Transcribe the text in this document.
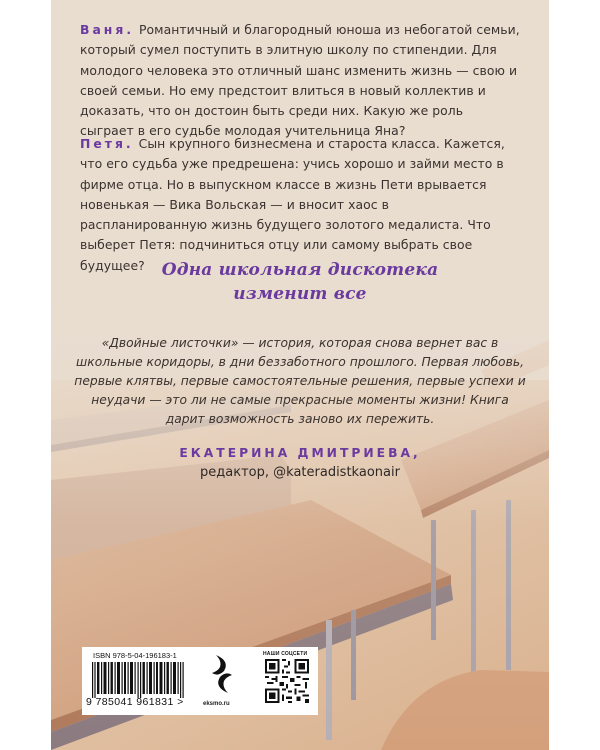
Ваня. Романтичный и благородный юноша из небогатой семьи, который сумел поступить в элитную школу по стипендии. Для молодого человека это отличный шанс изменить жизнь — свою и своей семьи. Но ему предстоит влиться в новый коллектив и доказать, что он достоин быть среди них. Какую же роль сыграет в его судьбе молодая учительница Яна?
Петя. Сын крупного бизнесмена и староста класса. Кажется, что его судьба уже предрешена: учись хорошо и займи место в фирме отца. Но в выпускном классе в жизнь Пети врывается новенькая — Вика Вольская — и вносит хаос в распланированную жизнь будущего золотого медалиста. Что выберет Петя: подчиниться отцу или самому выбрать свое будущее? Одна школьная дискотека
изменит все
«Двойные листочки» — история, которая снова вернет вас в школьные коридоры, в дни беззаботного прошлого. Первая любовь, первые клятвы, первые самостоятельные решения, первые успехи и неудачи — это ли не самые прекрасные моменты жизни! Книга дарит возможность заново их пережить.
ЕКАТЕРИНА ДМИТРИЕВА,
редактор, @kateradistkaonair
ISBN 978-5-04-196183-1
9 785041 961831 >	eksmo.ru
НАШИ СОЦСЕТИ
